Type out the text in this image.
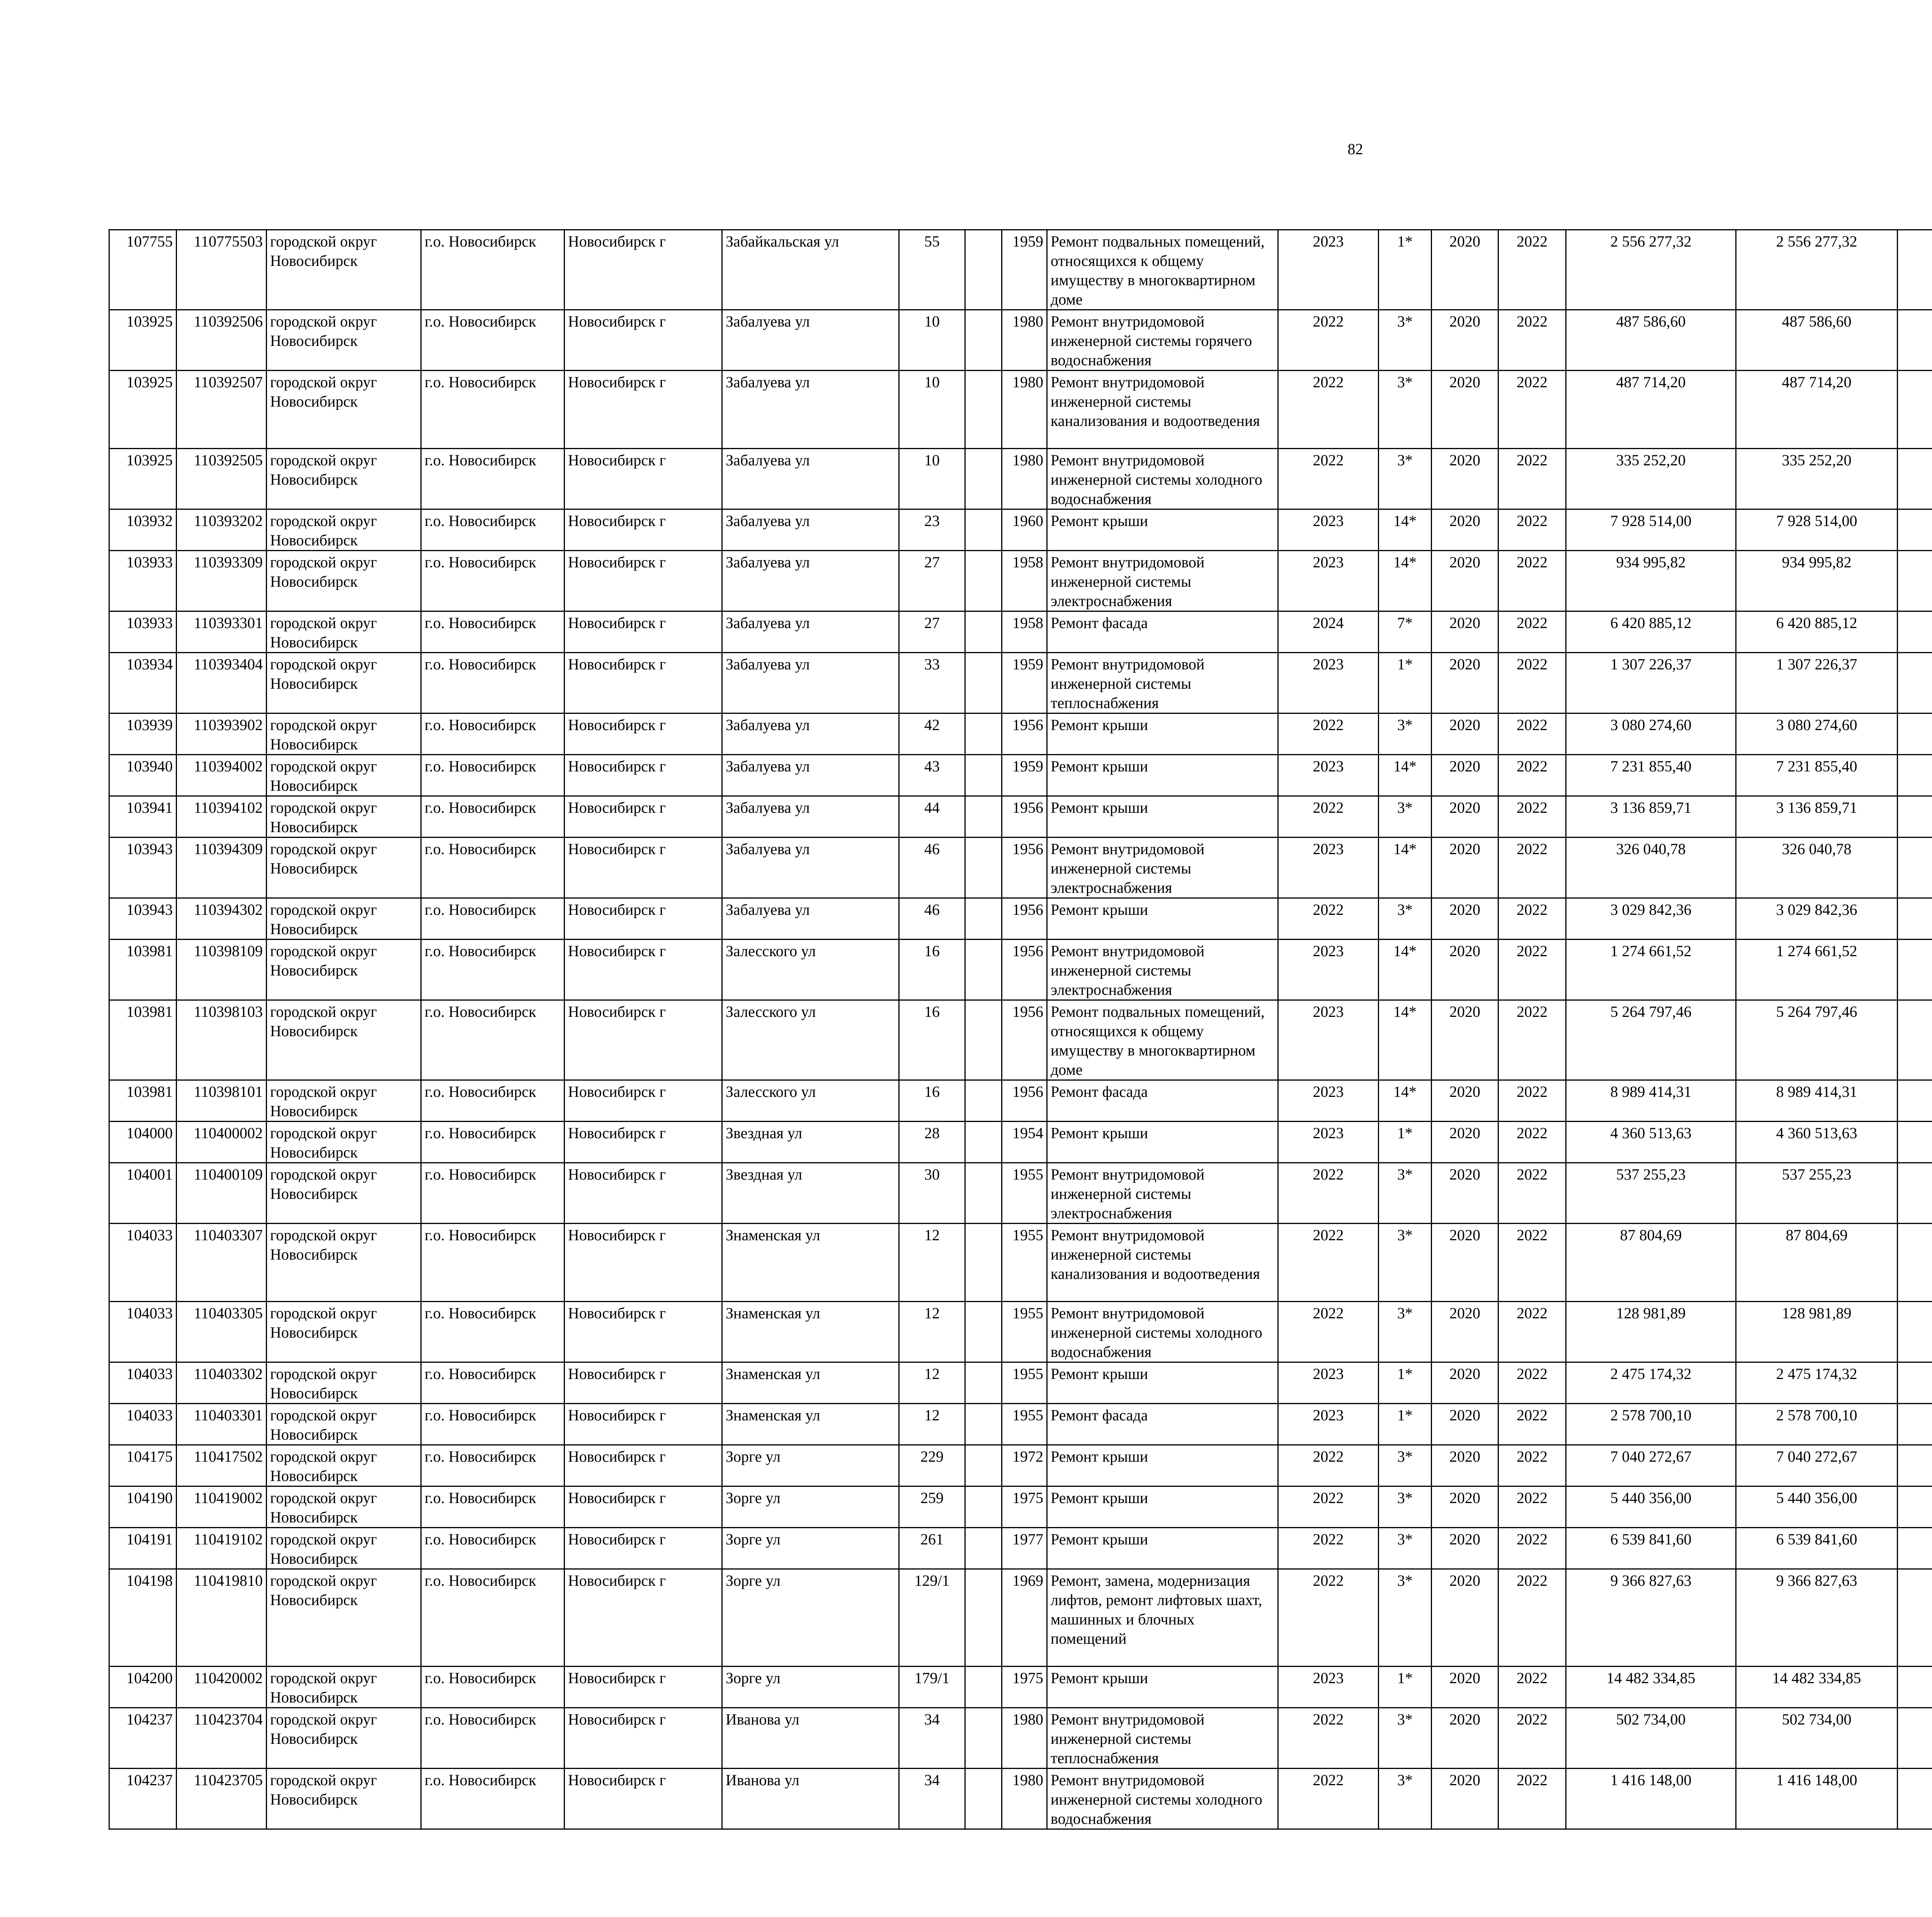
82
107755	110775503	городской округ Новосибирск	г.о. Новосибирск	Новосибирск г	Забайкальская ул	55		1959	Ремонт подвальных помещений, относящихся к общему имуществу в многоквартирном доме	2023	1*	2020	2022	2 556 277,32	2 556 277,32						
103925	110392506	городской округ Новосибирск	г.о. Новосибирск	Новосибирск г	Забалуева ул	10		1980	Ремонт внутридомовой инженерной системы горячего водоснабжения	2022	3*	2020	2022	487 586,60	487 586,60						
103925	110392507	городской округ Новосибирск	г.о. Новосибирск	Новосибирск г	Забалуева ул	10		1980	Ремонт внутридомовой инженерной системы канализования и водоотведения	2022	3*	2020	2022	487 714,20	487 714,20						
103925	110392505	городской округ Новосибирск	г.о. Новосибирск	Новосибирск г	Забалуева ул	10		1980	Ремонт внутридомовой инженерной системы холодного водоснабжения	2022	3*	2020	2022	335 252,20	335 252,20						
103932	110393202	городской округ Новосибирск	г.о. Новосибирск	Новосибирск г	Забалуева ул	23		1960	Ремонт крыши	2023	14*	2020	2022	7 928 514,00	7 928 514,00						
103933	110393309	городской округ Новосибирск	г.о. Новосибирск	Новосибирск г	Забалуева ул	27		1958	Ремонт внутридомовой инженерной системы электроснабжения	2023	14*	2020	2022	934 995,82	934 995,82						
103933	110393301	городской округ Новосибирск	г.о. Новосибирск	Новосибирск г	Забалуева ул	27		1958	Ремонт фасада	2024	7*	2020	2022	6 420 885,12	6 420 885,12						
103934	110393404	городской округ Новосибирск	г.о. Новосибирск	Новосибирск г	Забалуева ул	33		1959	Ремонт внутридомовой инженерной системы теплоснабжения	2023	1*	2020	2022	1 307 226,37	1 307 226,37						
103939	110393902	городской округ Новосибирск	г.о. Новосибирск	Новосибирск г	Забалуева ул	42		1956	Ремонт крыши	2022	3*	2020	2022	3 080 274,60	3 080 274,60						
103940	110394002	городской округ Новосибирск	г.о. Новосибирск	Новосибирск г	Забалуева ул	43		1959	Ремонт крыши	2023	14*	2020	2022	7 231 855,40	7 231 855,40						
103941	110394102	городской округ Новосибирск	г.о. Новосибирск	Новосибирск г	Забалуева ул	44		1956	Ремонт крыши	2022	3*	2020	2022	3 136 859,71	3 136 859,71						
103943	110394309	городской округ Новосибирск	г.о. Новосибирск	Новосибирск г	Забалуева ул	46		1956	Ремонт внутридомовой инженерной системы электроснабжения	2023	14*	2020	2022	326 040,78	326 040,78						
103943	110394302	городской округ Новосибирск	г.о. Новосибирск	Новосибирск г	Забалуева ул	46		1956	Ремонт крыши	2022	3*	2020	2022	3 029 842,36	3 029 842,36						
103981	110398109	городской округ Новосибирск	г.о. Новосибирск	Новосибирск г	Залесского ул	16		1956	Ремонт внутридомовой инженерной системы электроснабжения	2023	14*	2020	2022	1 274 661,52	1 274 661,52						
103981	110398103	городской округ Новосибирск	г.о. Новосибирск	Новосибирск г	Залесского ул	16		1956	Ремонт подвальных помещений, относящихся к общему имуществу в многоквартирном доме	2023	14*	2020	2022	5 264 797,46	5 264 797,46						
103981	110398101	городской округ Новосибирск	г.о. Новосибирск	Новосибирск г	Залесского ул	16		1956	Ремонт фасада	2023	14*	2020	2022	8 989 414,31	8 989 414,31						
104000	110400002	городской округ Новосибирск	г.о. Новосибирск	Новосибирск г	Звездная ул	28		1954	Ремонт крыши	2023	1*	2020	2022	4 360 513,63	4 360 513,63						
104001	110400109	городской округ Новосибирск	г.о. Новосибирск	Новосибирск г	Звездная ул	30		1955	Ремонт внутридомовой инженерной системы электроснабжения	2022	3*	2020	2022	537 255,23	537 255,23						
104033	110403307	городской округ Новосибирск	г.о. Новосибирск	Новосибирск г	Знаменская ул	12		1955	Ремонт внутридомовой инженерной системы канализования и водоотведения	2022	3*	2020	2022	87 804,69	87 804,69						
104033	110403305	городской округ Новосибирск	г.о. Новосибирск	Новосибирск г	Знаменская ул	12		1955	Ремонт внутридомовой инженерной системы холодного водоснабжения	2022	3*	2020	2022	128 981,89	128 981,89						
104033	110403302	городской округ Новосибирск	г.о. Новосибирск	Новосибирск г	Знаменская ул	12		1955	Ремонт крыши	2023	1*	2020	2022	2 475 174,32	2 475 174,32						
104033	110403301	городской округ Новосибирск	г.о. Новосибирск	Новосибирск г	Знаменская ул	12		1955	Ремонт фасада	2023	1*	2020	2022	2 578 700,10	2 578 700,10						
104175	110417502	городской округ Новосибирск	г.о. Новосибирск	Новосибирск г	Зорге ул	229		1972	Ремонт крыши	2022	3*	2020	2022	7 040 272,67	7 040 272,67						
104190	110419002	городской округ Новосибирск	г.о. Новосибирск	Новосибирск г	Зорге ул	259		1975	Ремонт крыши	2022	3*	2020	2022	5 440 356,00	5 440 356,00						
104191	110419102	городской округ Новосибирск	г.о. Новосибирск	Новосибирск г	Зорге ул	261		1977	Ремонт крыши	2022	3*	2020	2022	6 539 841,60	6 539 841,60						
104198	110419810	городской округ Новосибирск	г.о. Новосибирск	Новосибирск г	Зорге ул	129/1		1969	Ремонт, замена, модернизация лифтов, ремонт лифтовых шахт, машинных и блочных помещений	2022	3*	2020	2022	9 366 827,63	9 366 827,63						
104200	110420002	городской округ Новосибирск	г.о. Новосибирск	Новосибирск г	Зорге ул	179/1		1975	Ремонт крыши	2023	1*	2020	2022	14 482 334,85	14 482 334,85						
104237	110423704	городской округ Новосибирск	г.о. Новосибирск	Новосибирск г	Иванова ул	34		1980	Ремонт внутридомовой инженерной системы теплоснабжения	2022	3*	2020	2022	502 734,00	502 734,00						
104237	110423705	городской округ Новосибирск	г.о. Новосибирск	Новосибирск г	Иванова ул	34		1980	Ремонт внутридомовой инженерной системы холодного водоснабжения	2022	3*	2020	2022	1 416 148,00	1 416 148,00						
